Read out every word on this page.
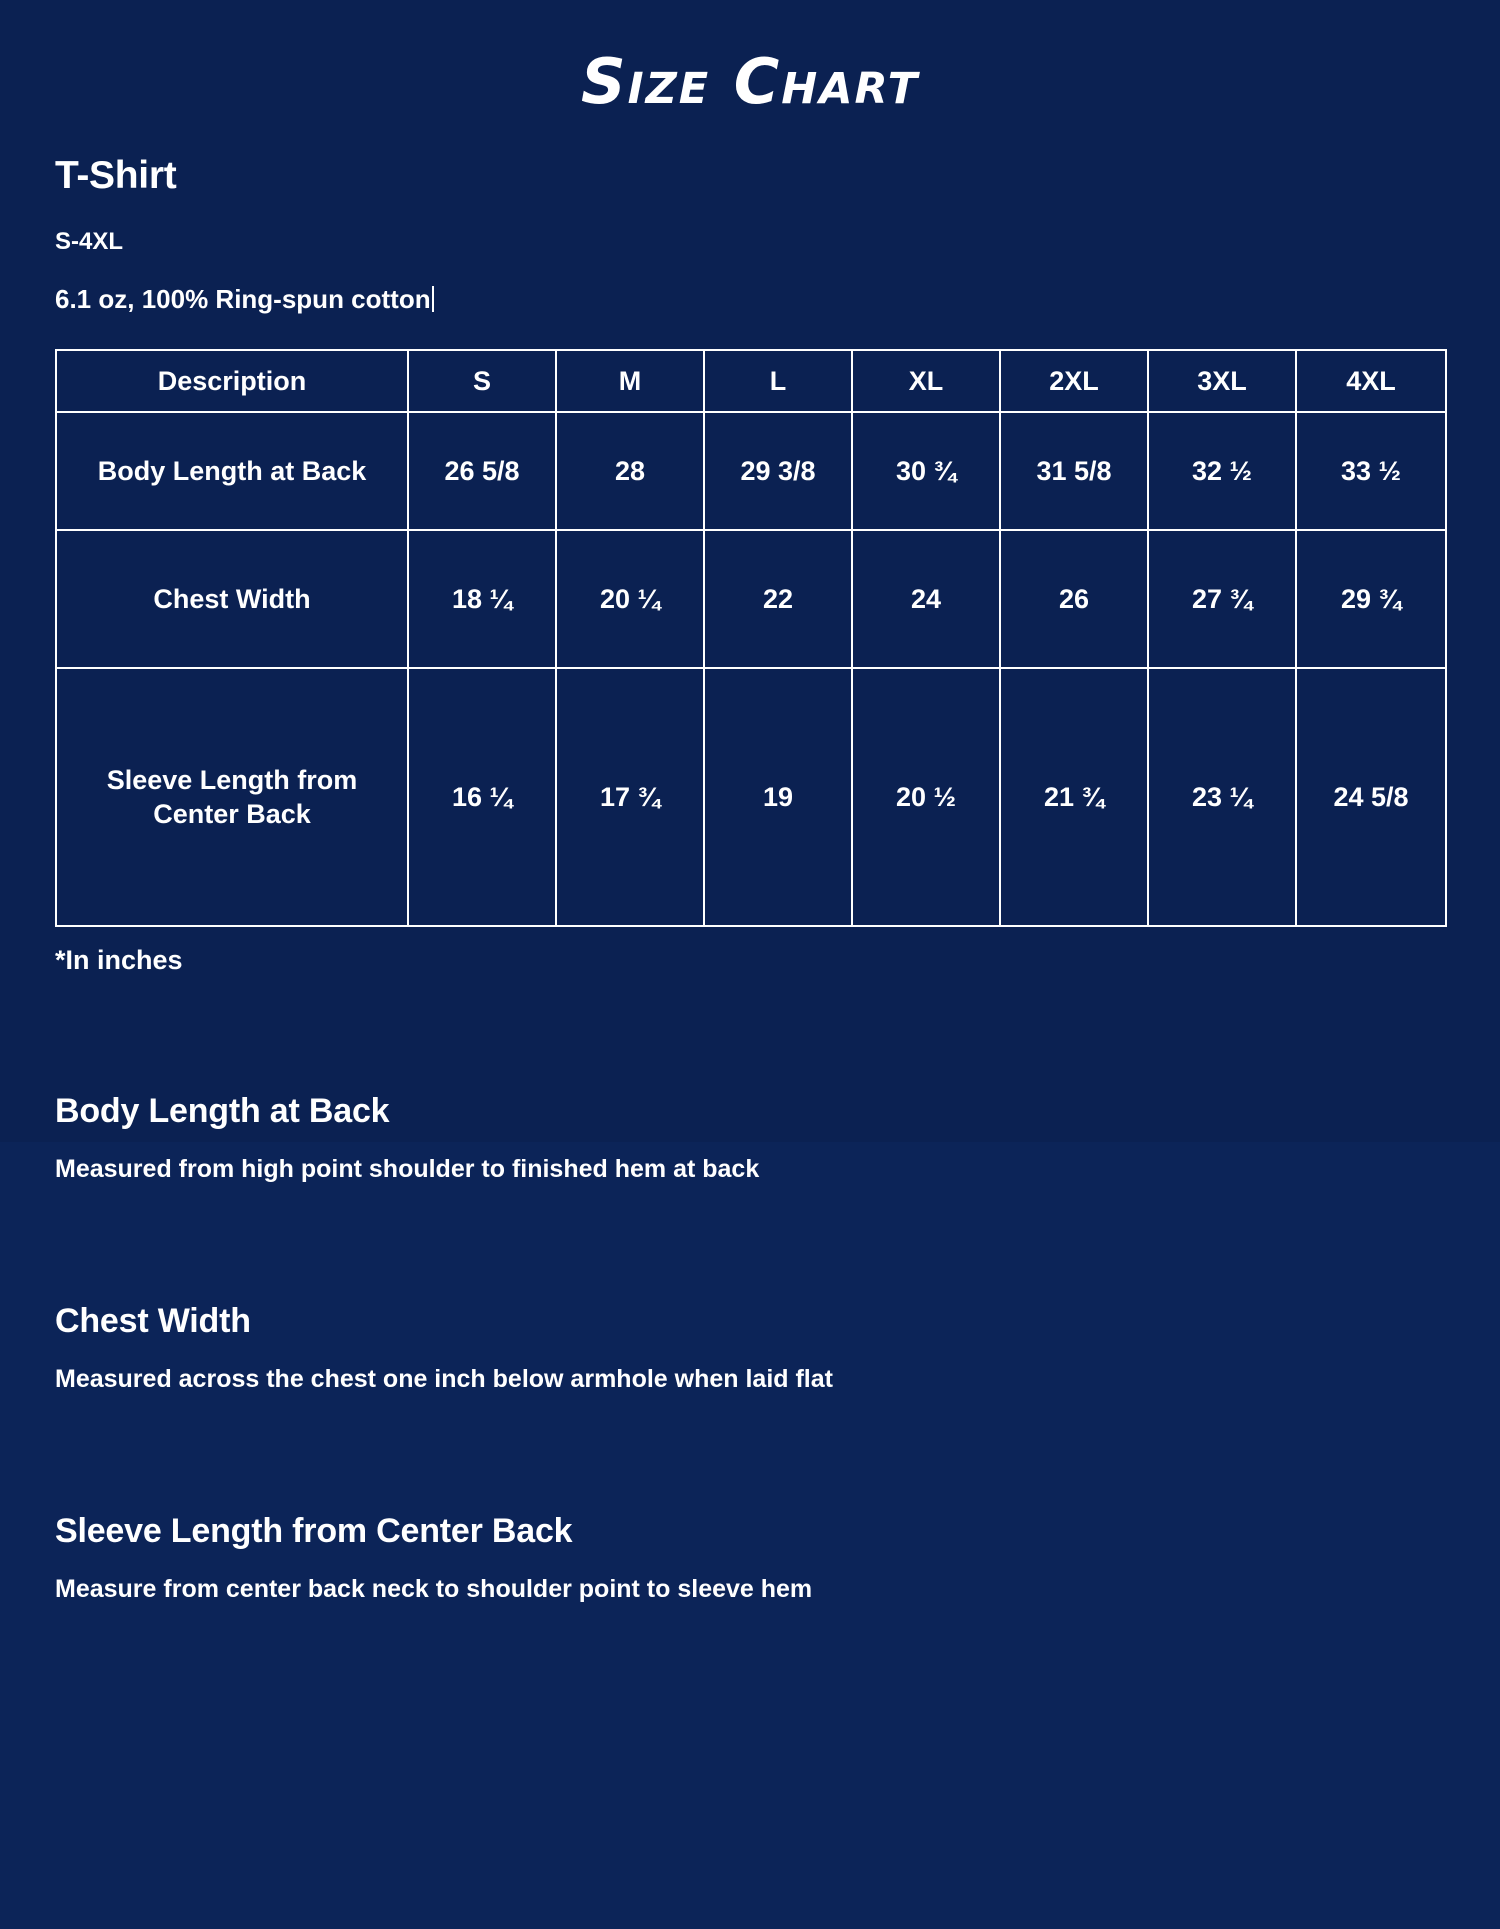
Size Chart
T-Shirt
S-4XL
6.1 oz, 100% Ring-spun cotton
Description	S	M	L	XL	2XL	3XL	4XL
Body Length at Back	26 5/8	28	29 3/8	30 ¾	31 5/8	32 ½	33 ½
Chest Width	18 ¼	20 ¼	22	24	26	27 ¾	29 ¾
Sleeve Length from Center Back	16 ¼	17 ¾	19	20 ½	21 ¾	23 ¼	24 5/8
*In inches
Body Length at Back
Measured from high point shoulder to finished hem at back
Chest Width
Measured across the chest one inch below armhole when laid flat
Sleeve Length from Center Back
Measure from center back neck to shoulder point to sleeve hem
